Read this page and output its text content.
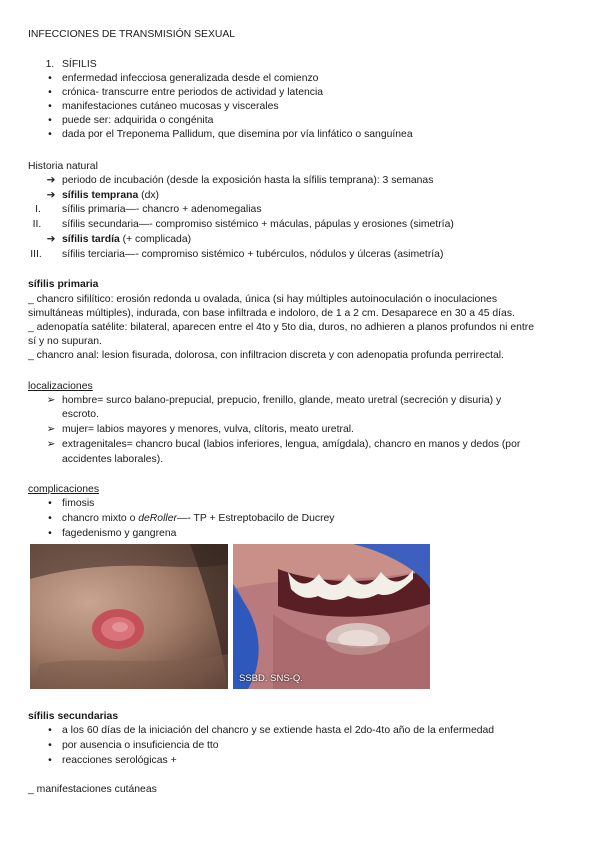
INFECCIONES DE TRANSMISIÓN SEXUAL
1. SÍFILIS
• enfermedad infecciosa generalizada desde el comienzo
• crónica- transcurre entre periodos de actividad y latencia
• manifestaciones cutáneo mucosas y viscerales
• puede ser: adquirida o congénita
• dada por el Treponema Pallidum, que disemina por vía linfático o sanguínea
Historia natural
➔ periodo de incubación (desde la exposición hasta la sífilis temprana): 3 semanas
➔ sífilis temprana (dx)
I.	sífilis primaria—- chancro + adenomegalias
II.	sífilis secundaria—- compromiso sistémico + máculas, pápulas y erosiones (simetría)
➔ sífilis tardía (+ complicada)
III.	sífilis terciaria—- compromiso sistémico + tubérculos, nódulos y úlceras (asimetría)
sífilis primaria
_ chancro sifilítico: erosión redonda u ovalada, única (si hay múltiples autoinoculación o inoculaciones
simultáneas múltiples), indurada, con base infiltrada e indoloro, de 1 a 2 cm. Desaparece en 30 a 45 días.
_ adenopatía satélite: bilateral, aparecen entre el 4to y 5to dia, duros, no adhieren a planos profundos ni entre
sí y no supuran.
_ chancro anal: lesion fisurada, dolorosa, con infiltracion discreta y con adenopatia profunda perrirectal.
localizaciones
➢ hombre= surco balano-prepucial, prepucio, frenillo, glande, meato uretral (secreción y disuria) y
escroto.
➢ mujer= labios mayores y menores, vulva, clítoris, meato uretral.
➢ extragenitales= chancro bucal (labios inferiores, lengua, amígdala), chancro en manos y dedos (por
accidentes laborales).
complicaciones
• fimosis
• chancro mixto o deRoller—- TP + Estreptobacilo de Ducrey
• fagedenismo y gangrena
SSBD. SNS-Q.
sífilis secundarias
• a los 60 días de la iniciación del chancro y se extiende hasta el 2do-4to año de la enfermedad
• por ausencia o insuficiencia de tto
• reacciones serológicas +
_ manifestaciones cutáneas
